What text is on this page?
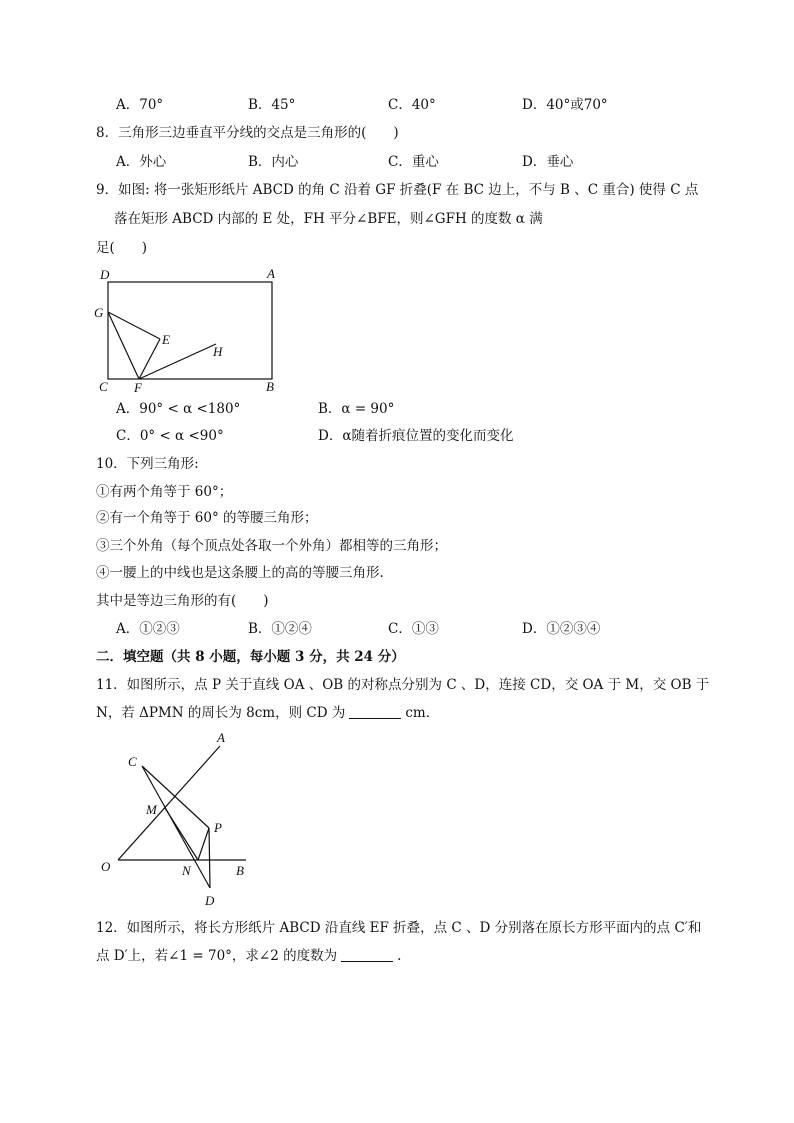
A．70°	B．45°	C．40°	D．40°或70°
8．三角形三边垂直平分线的交点是三角形的(　　)
A．外心	B．内心	C．重心	D．垂心
9．如图: 将一张矩形纸片 ABCD 的角 C 沿着 GF 折叠(F 在 BC 边上，不与 B 、C 重合) 使得 C 点
落在矩形 ABCD 内部的 E 处，FH 平分∠BFE，则∠GFH 的度数 α 满
足(　　)
D	A
G
E
H
C F	B
A．90° < α <180°	B．α = 90°
C．0° < α <90°	D．α随着折痕位置的变化而变化
10．下列三角形:
①有两个角等于 60°；
②有一个角等于 60° 的等腰三角形；
③三个外角（每个顶点处各取一个外角）都相等的三角形；
④一腰上的中线也是这条腰上的高的等腰三角形.
其中是等边三角形的有(　　)
A．①②③	B．①②④	C．①③	D．①②③④
二．填空题（共 8 小题，每小题 3 分，共 24 分）
11．如图所示，点 P 关于直线 OA 、OB 的对称点分别为 C 、D，连接 CD，交 OA 于 M，交 OB 于
N，若 ΔPMN 的周长为 8cm，则 CD 为	cm．
A
C
M
P
O	N	B
D
12．如图所示，将长方形纸片 ABCD 沿直线 EF 折叠，点 C 、D 分别落在原长方形平面内的点 C′和
点 D′上，若∠1 = 70°，求∠2 的度数为	.
